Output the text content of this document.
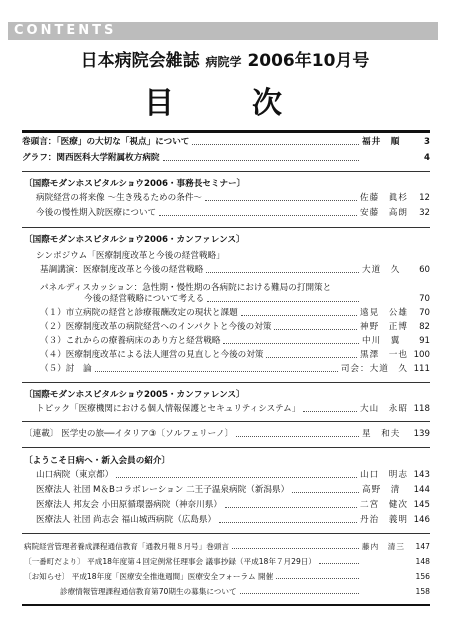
CONTENTS
日本病院会雑誌 病院学 2006年10月号
目　次
巻頭言：「医療」の大切な「視点」について	福井　順	3
グラフ：関西医科大学附属枚方病院	4
〔国際モダンホスピタルショウ2006・事務長セミナー〕
病院経営の将来像 ～生き残るための条件～	佐藤　眞杉	12
今後の慢性期入院医療について	安藤　高朗	32
〔国際モダンホスピタルショウ2006・カンファレンス〕
シンポジウム「医療制度改革と今後の経営戦略」
基調講演：医療制度改革と今後の経営戦略	大道　久	60
パネルディスカッション：急性期・慢性期の各病院における難局の打開策と
今後の経営戦略について考える	70
（１）市立病院の経営と診療報酬改定の現状と課題	遠見　公雄	70
（２）医療制度改革の病院経営へのインパクトと今後の対策	神野　正博	82
（３）これからの療養病床のあり方と経営戦略	中川　翼	91
（４）医療制度改革による法人運営の見直しと今後の対策	黒澤　一也 100
（５）討　論	司会：大道　久 111
〔国際モダンホスピタルショウ2005・カンファレンス〕
トピック「医療機関における個人情報保護とセキュリティシステム」	大山　永昭 118
〔連載〕 医学史の旅──イタリア③〔ソルフェリーノ〕	星　和夫	139
〔ようこそ日病へ・新入会員の紹介〕
山口病院（東京都）	山口　明志 143
医療法人 社団 M＆Bコラボレーション 二王子温泉病院（新潟県）	高野　清	144
医療法人 邦友会 小田原循環器病院（神奈川県）	二宮　健次 145
医療法人 社団 尚志会 福山城西病院（広島県）	丹治　義明 146
病院経営管理者養成課程通信教育「通教月報８月号」巻頭言	藤内　清三	147
〔一番町だより〕 平成18年度第４回定例常任理事会 議事抄録（平成18年７月29日）	148
〔お知らせ〕 平成18年度「医療安全推進週間」医療安全フォーラム 開催	156
診療情報管理課程通信教育第70期生の募集について	158
